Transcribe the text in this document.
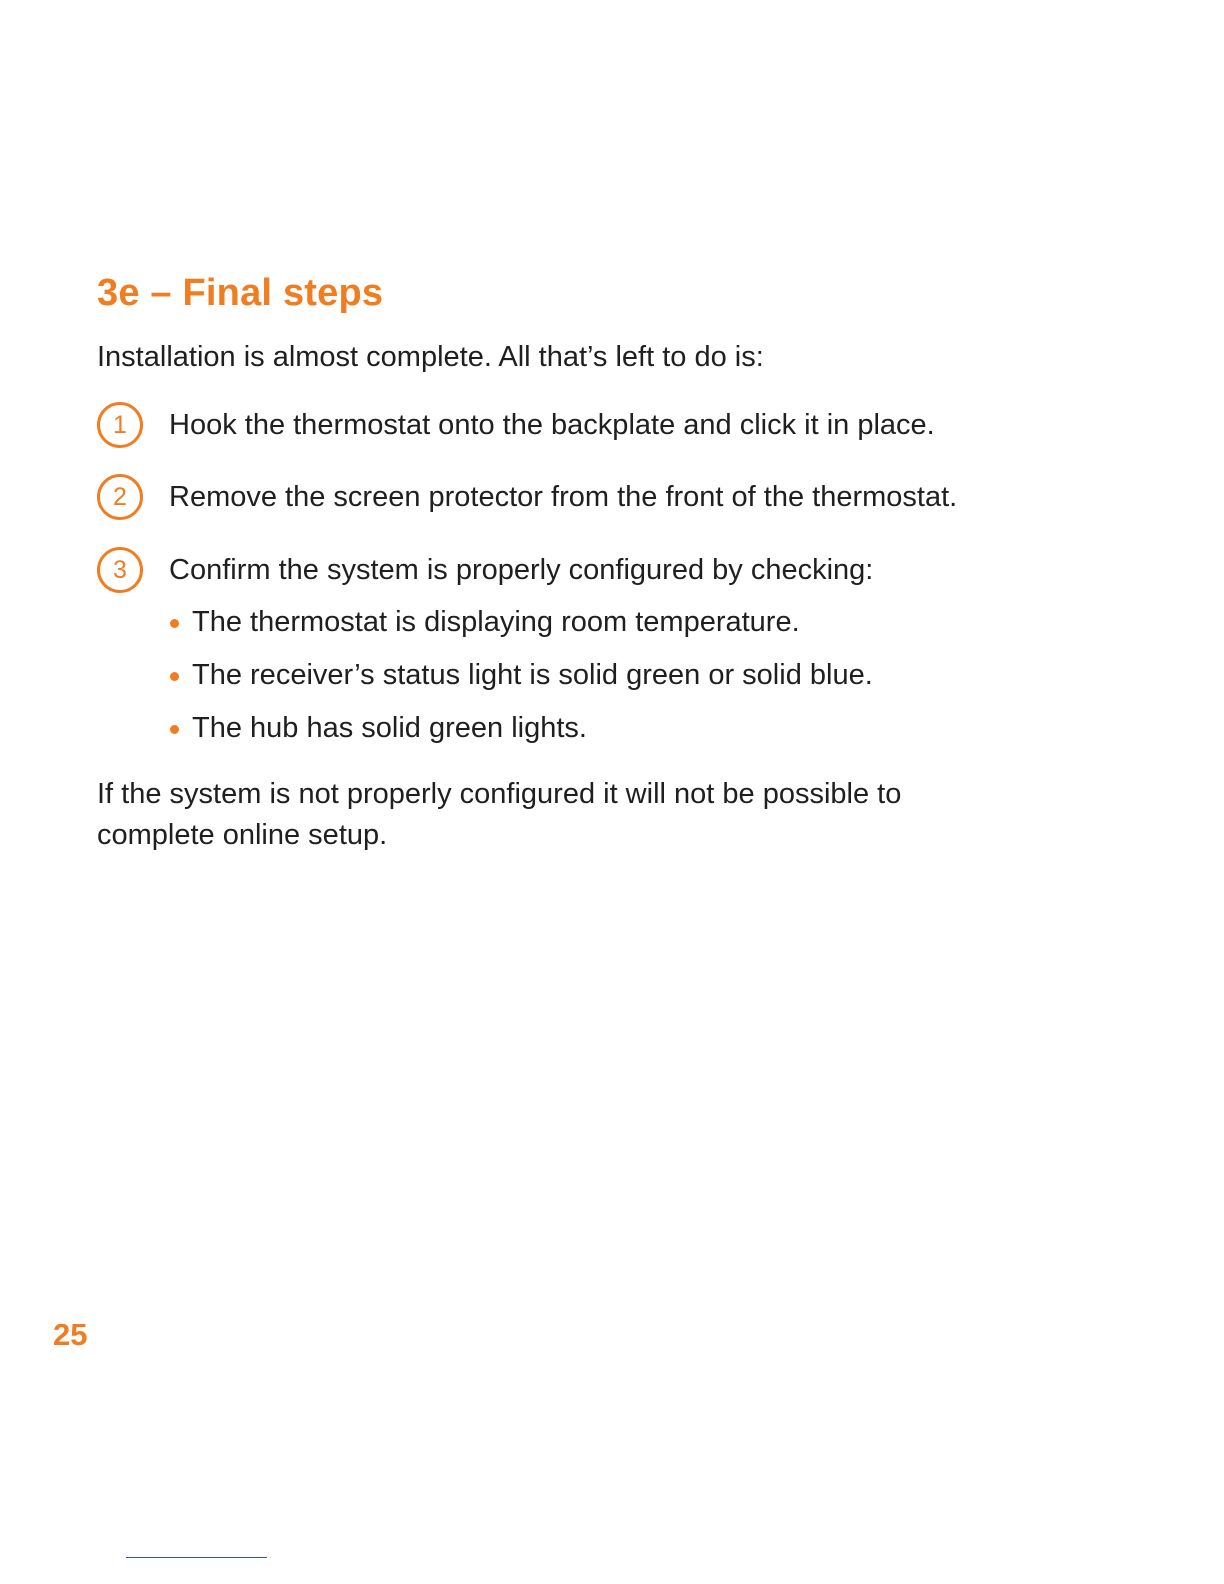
3e – Final steps

Installation is almost complete. All that’s left to do is:

1	Hook the thermostat onto the backplate and click it in place.
2	Remove the screen protector from the front of the thermostat.
3	Confirm the system is properly configured by checking:
The thermostat is displaying room temperature.
The receiver’s status light is solid green or solid blue.
The hub has solid green lights.

If the system is not properly configured it will not be possible to complete online setup.

25
